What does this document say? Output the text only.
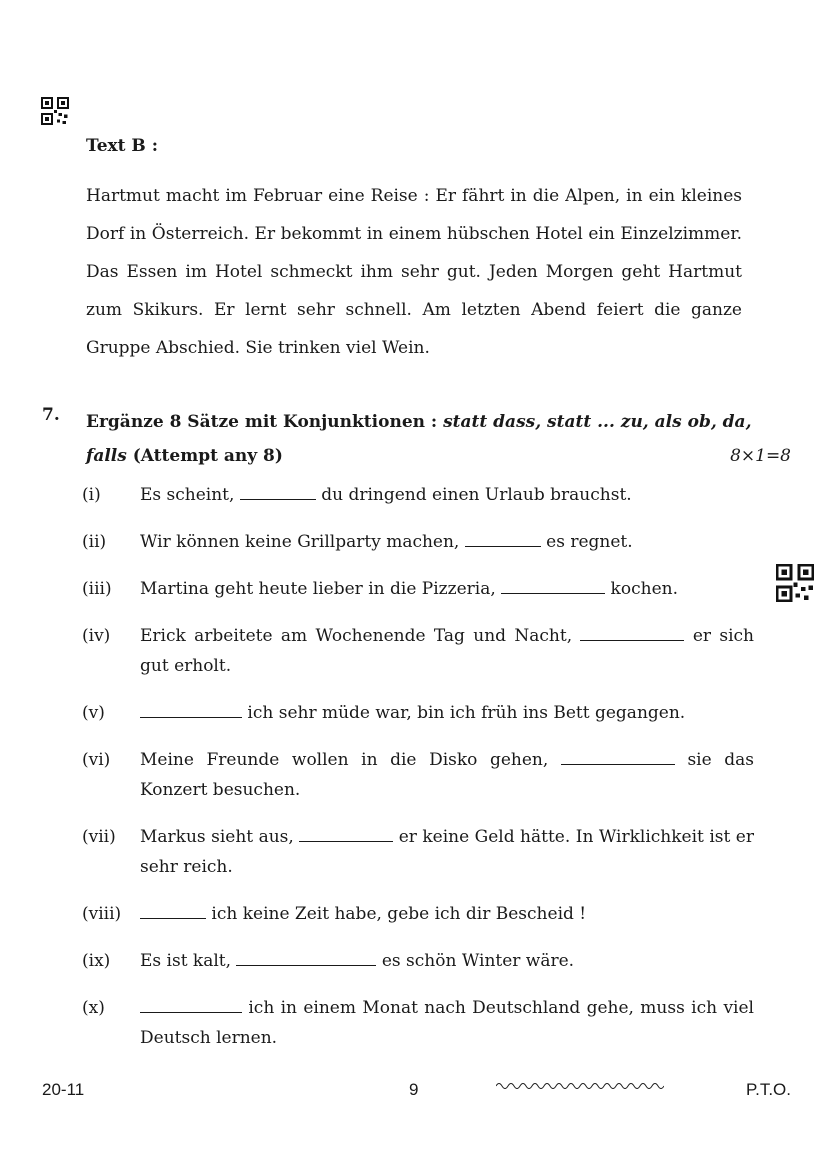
Text B :

Hartmut macht im Februar eine Reise : Er fährt in die Alpen, in ein kleines Dorf in Österreich. Er bekommt in einem hübschen Hotel ein Einzelzimmer. Das Essen im Hotel schmeckt ihm sehr gut. Jeden Morgen geht Hartmut zum Skikurs. Er lernt sehr schnell. Am letzten Abend feiert die ganze Gruppe Abschied. Sie trinken viel Wein.

7. Ergänze 8 Sätze mit Konjunktionen : statt dass, statt ... zu, als ob, da, falls (Attempt any 8)	8×1=8
(i)	Es scheint,	du dringend einen Urlaub brauchst.
(ii)	Wir können keine Grillparty machen,	es regnet.
(iii)	Martina geht heute lieber in die Pizzeria,	kochen.
(iv)	Erick arbeitete am Wochenende Tag und Nacht,	er sich gut erholt.
(v)	ich sehr müde war, bin ich früh ins Bett gegangen.
(vi)	Meine Freunde wollen in die Disko gehen,	sie das Konzert besuchen.
(vii)	Markus sieht aus,	er keine Geld hätte. In Wirklichkeit ist er sehr reich.
(viii)	ich keine Zeit habe, gebe ich dir Bescheid !
(ix)	Es ist kalt,	es schön Winter wäre.
(x)	ich in einem Monat nach Deutschland gehe, muss ich viel Deutsch lernen.
20-11	9	P.T.O.
